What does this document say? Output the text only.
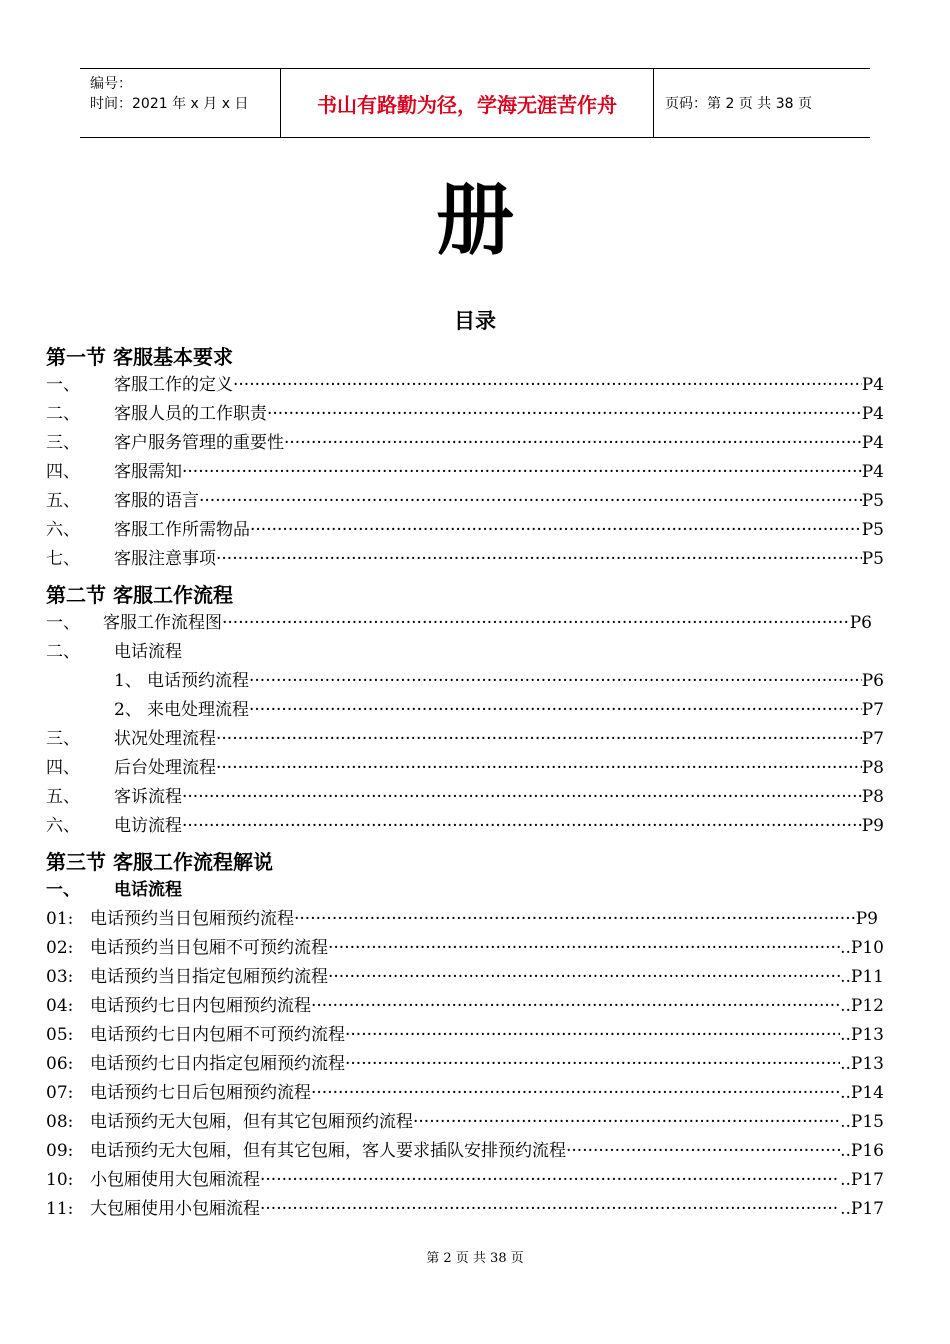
编号：
时间：2021 年 x 月 x 日	书山有路勤为径，学海无涯苦作舟	页码：第 2 页 共 38 页
册
目录
第一节 客服基本要求
一、	客服工作的定义 ·····	P4
二、	客服人员的工作职责 ·····	P4
三、	客户服务管理的重要性 ·····	P4
四、	客服需知 ·····	P4
五、	客服的语言 ·····	P5
六、	客服工作所需物品 ·····	P5
七、	客服注意事项 ·····	P5
第二节 客服工作流程
一、	客服工作流程图 ·····	P6
二、	电话流程
1、 电话预约流程 ·····	P6
2、 来电处理流程 ·····	P7
三、	状况处理流程 ·····	P7
四、	后台处理流程 ·····	P8
五、	客诉流程 ·····	P8
六、	电访流程 ·····	P9
第三节 客服工作流程解说
一、	电话流程
01: 电话预约当日包厢预约流程 ·····	P9
02: 电话预约当日包厢不可预约流程 ·····	..P10
03: 电话预约当日指定包厢预约流程 ·····	..P11
04: 电话预约七日内包厢预约流程 ·····	..P12
05: 电话预约七日内包厢不可预约流程 ·····	..P13
06: 电话预约七日内指定包厢预约流程 ·····	..P13
07: 电话预约七日后包厢预约流程 ·····	..P14
08: 电话预约无大包厢，但有其它包厢预约流程 ·····	..P15
09: 电话预约无大包厢，但有其它包厢，客人要求插队安排预约流程 ·····	..P16
10: 小包厢使用大包厢流程 ·····	..P17
11: 大包厢使用小包厢流程 ·····	..P17
第 2 页 共 38 页
